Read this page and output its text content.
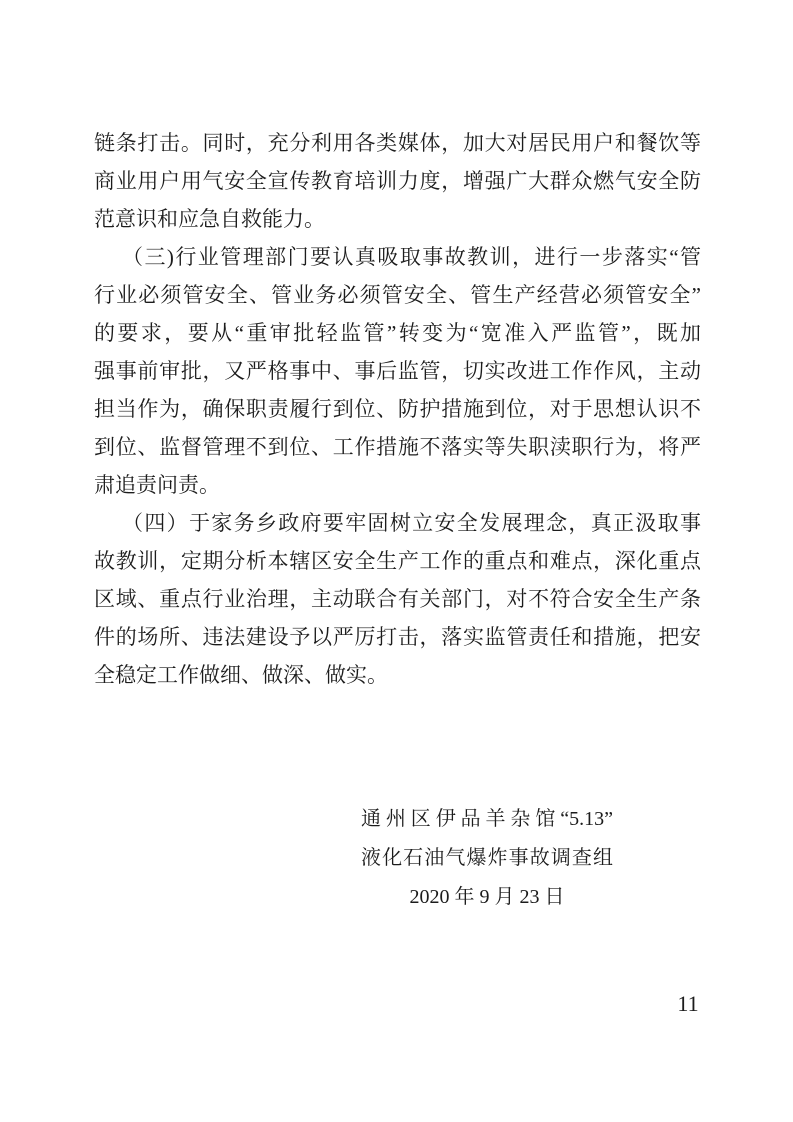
链条打击。同时，充分利用各类媒体，加大对居民用户和餐饮等
商业用户用气安全宣传教育培训力度，增强广大群众燃气安全防
范意识和应急自救能力。
（三)行业管理部门要认真吸取事故教训，进行一步落实“管
行业必须管安全、管业务必须管安全、管生产经营必须管安全”
的要求，要从“重审批轻监管”转变为“宽准入严监管”，既加
强事前审批，又严格事中、事后监管，切实改进工作作风，主动
担当作为，确保职责履行到位、防护措施到位，对于思想认识不
到位、监督管理不到位、工作措施不落实等失职渎职行为，将严
肃追责问责。
（四）于家务乡政府要牢固树立安全发展理念，真正汲取事
故教训，定期分析本辖区安全生产工作的重点和难点，深化重点
区域、重点行业治理，主动联合有关部门，对不符合安全生产条
件的场所、违法建设予以严厉打击，落实监管责任和措施，把安
全稳定工作做细、做深、做实。
通州区伊品羊杂馆“5.13”
液化石油气爆炸事故调查组
2020 年 9 月 23 日
11
